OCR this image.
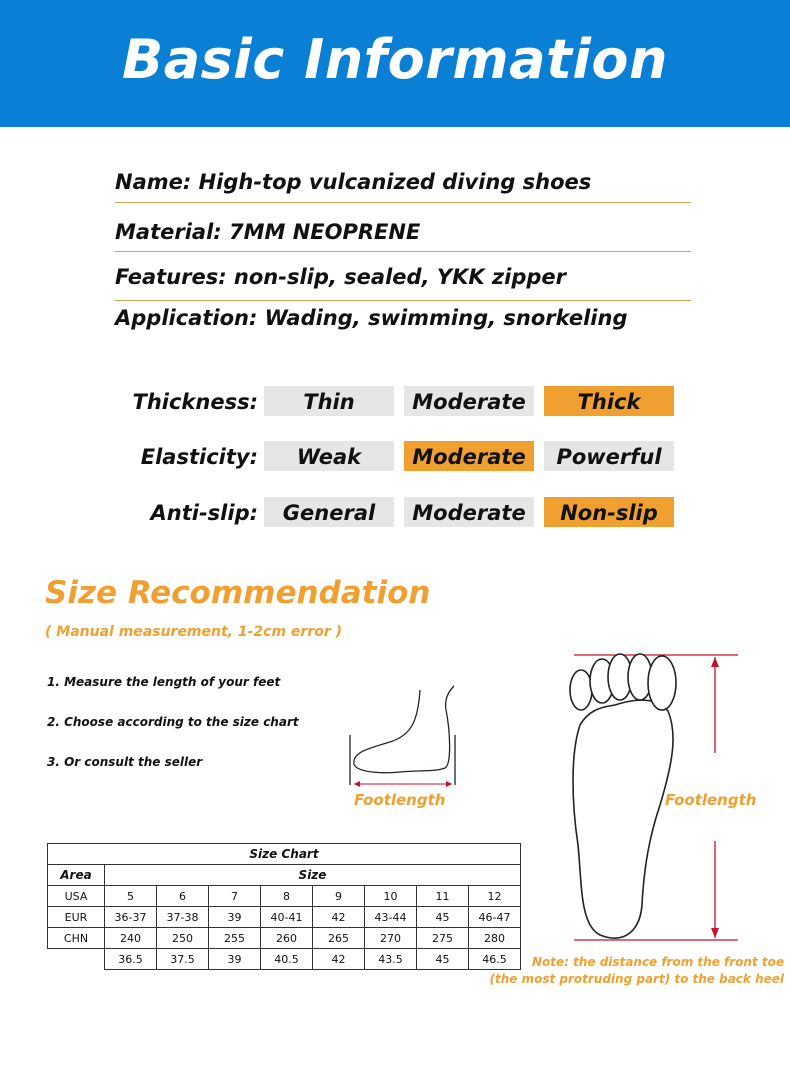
Basic Information
Name: High-top vulcanized diving shoes
Material: 7MM NEOPRENE
Features: non-slip, sealed, YKK zipper
Application: Wading, swimming, snorkeling
Thickness:	Thin	Moderate	Thick
Elasticity:	Weak	Moderate	Powerful
Anti-slip:	General	Moderate	Non-slip
Size Recommendation
( Manual measurement, 1-2cm error )
1. Measure the length of your feet
2. Choose according to the size chart
3. Or consult the seller
Footlength	Footlength
Note: the distance from the front toe
(the most protruding part) to the back heel
Size Chart								
Area	Size							
USA	5	6	7	8	9	10	11	12
EUR	36-37	37-38	39	40-41	42	43-44	45	46-47
CHN	240	250	255	260	265	270	275	280
	36.5	37.5	39	40.5	42	43.5	45	46.5
